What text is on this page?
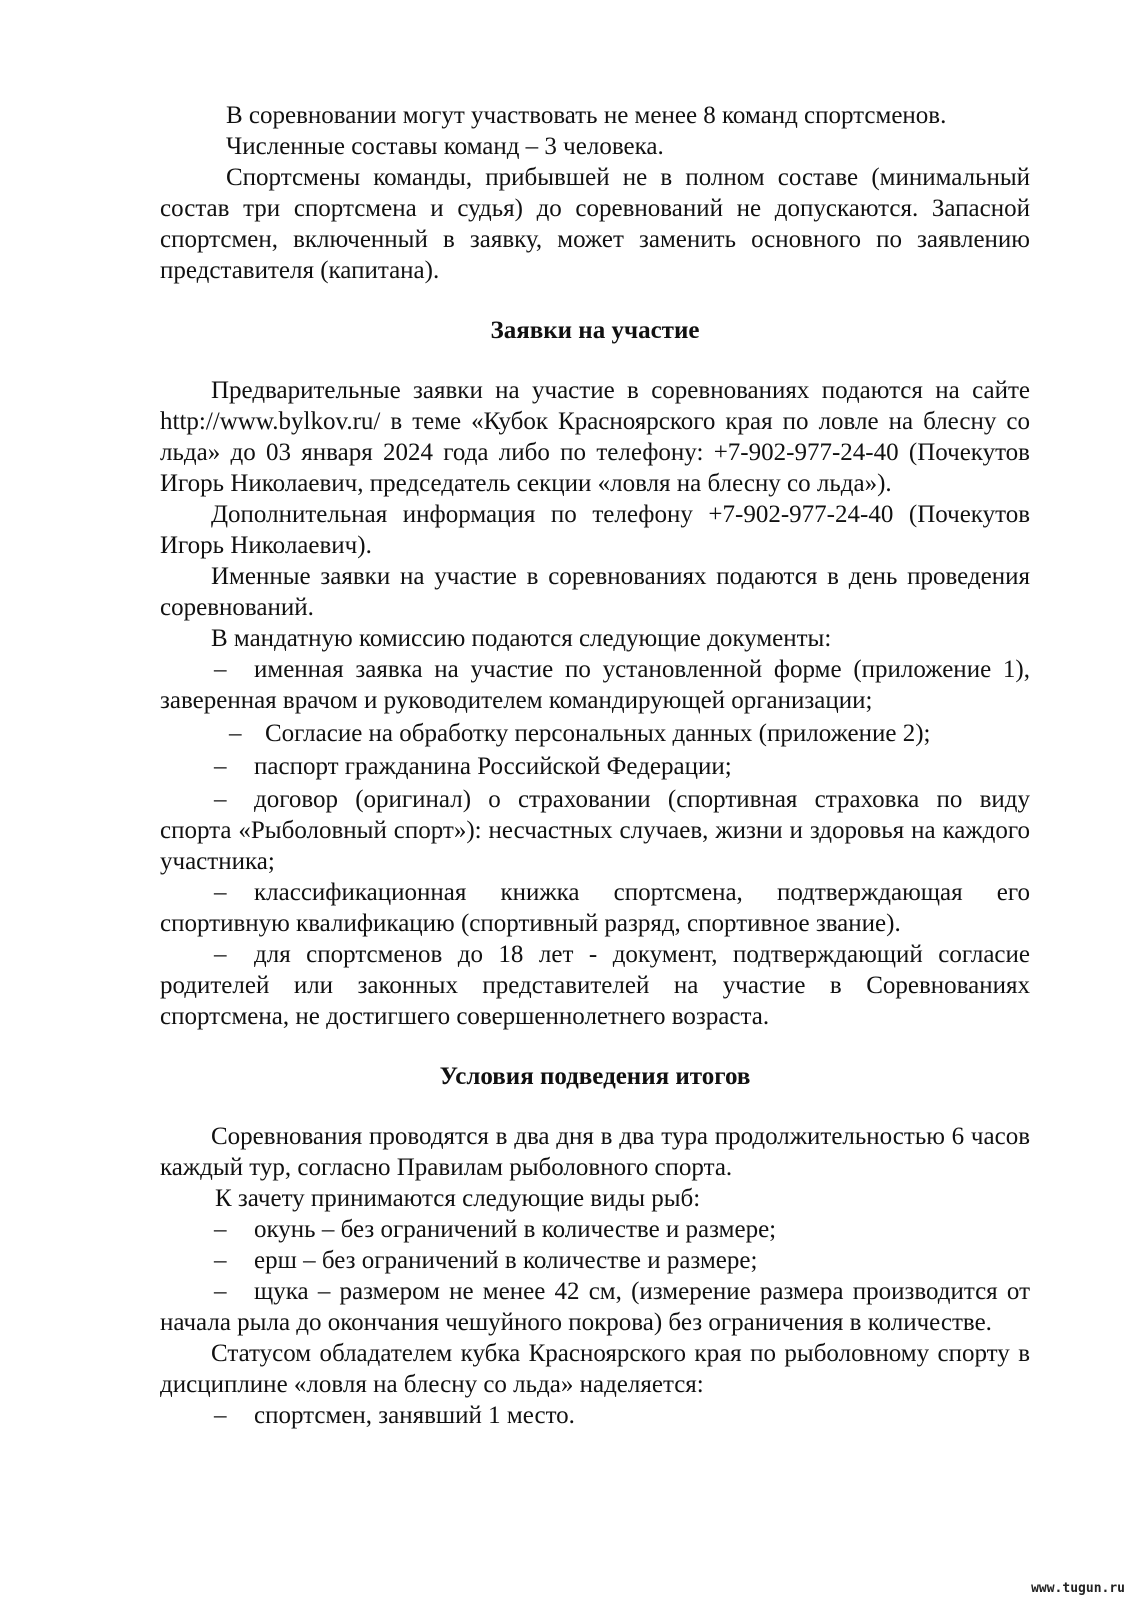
В соревновании могут участвовать не менее 8 команд спортсменов.

Численные составы команд – 3 человека.

Спортсмены команды, прибывшей не в полном составе (минимальный состав три спортсмена и судья) до соревнований не допускаются. Запасной спортсмен, включенный в заявку, может заменить основного по заявлению представителя (капитана).

Заявки на участие

Предварительные заявки на участие в соревнованиях подаются на сайте http://www.bylkov.ru/ в теме «Кубок Красноярского края по ловле на блесну со льда» до 03 января 2024 года либо по телефону: +7-902-977-24-40 (Почекутов Игорь Николаевич, председатель секции «ловля на блесну со льда»).

Дополнительная информация по телефону +7-902-977-24-40 (Почекутов Игорь Николаевич).

Именные заявки на участие в соревнованиях подаются в день проведения соревнований.

В мандатную комиссию подаются следующие документы:

– именная заявка на участие по установленной форме (приложение 1), заверенная врачом и руководителем командирующей организации;

– Согласие на обработку персональных данных (приложение 2);

– паспорт гражданина Российской Федерации;

– договор (оригинал) о страховании (спортивная страховка по виду спорта «Рыболовный спорт»): несчастных случаев, жизни и здоровья на каждого участника;

– классификационная книжка спортсмена, подтверждающая его спортивную квалификацию (спортивный разряд, спортивное звание).

– для спортсменов до 18 лет - документ, подтверждающий согласие родителей или законных представителей на участие в Соревнованиях спортсмена, не достигшего совершеннолетнего возраста.

Условия подведения итогов

Соревнования проводятся в два дня в два тура продолжительностью 6 часов каждый тур, согласно Правилам рыболовного спорта.

К зачету принимаются следующие виды рыб:

– окунь – без ограничений в количестве и размере;

– ерш – без ограничений в количестве и размере;

– щука – размером не менее 42 см, (измерение размера производится от начала рыла до окончания чешуйного покрова) без ограничения в количестве.

Статусом обладателем кубка Красноярского края по рыболовному спорту в дисциплине «ловля на блесну со льда» наделяется:

– спортсмен, занявший 1 место.

www.tugun.ru
